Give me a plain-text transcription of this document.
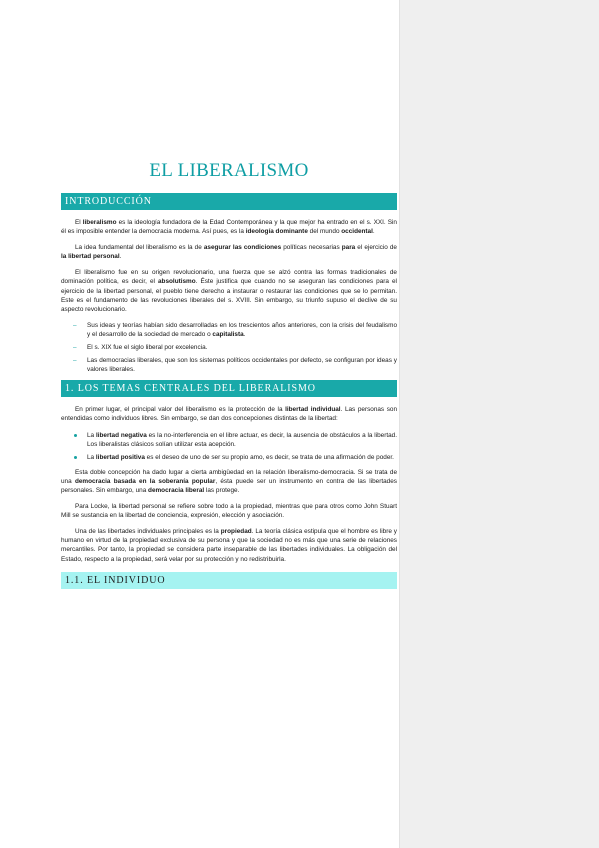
EL LIBERALISMO
INTRODUCCIÓN

El liberalismo es la ideología fundadora de la Edad Contemporánea y la que mejor ha entrado en el s. XXI. Sin él es imposible entender la democracia moderna. Así pues, es la ideología dominante del mundo occidental.

La idea fundamental del liberalismo es la de asegurar las condiciones políticas necesarias para el ejercicio de la libertad personal.

El liberalismo fue en su origen revolucionario, una fuerza que se alzó contra las formas tradicionales de dominación política, es decir, el absolutismo. Éste justifica que cuando no se aseguran las condiciones para el ejercicio de la libertad personal, el pueblo tiene derecho a instaurar o restaurar las condiciones que se lo permitan. Este es el fundamento de las revoluciones liberales del s. XVIII. Sin embargo, su triunfo supuso el declive de su aspecto revolucionario.

– Sus ideas y teorías habían sido desarrolladas en los trescientos años anteriores, con la crisis del feudalismo y el desarrollo de la sociedad de mercado o capitalista.
– El s. XIX fue el siglo liberal por excelencia.
– Las democracias liberales, que son los sistemas políticos occidentales por defecto, se configuran por ideas y valores liberales.
1. LOS TEMAS CENTRALES DEL LIBERALISMO

En primer lugar, el principal valor del liberalismo es la protección de la libertad individual. Las personas son entendidas como individuos libres. Sin embargo, se dan dos concepciones distintas de la libertad:

La libertad negativa es la no-interferencia en el libre actuar, es decir, la ausencia de obstáculos a la libertad. Los liberalistas clásicos solían utilizar esta acepción.
La libertad positiva es el deseo de uno de ser su propio amo, es decir, se trata de una afirmación de poder.

Esta doble concepción ha dado lugar a cierta ambigüedad en la relación liberalismo-democracia. Si se trata de una democracia basada en la soberanía popular, ésta puede ser un instrumento en contra de las libertades personales. Sin embargo, una democracia liberal las protege.

Para Locke, la libertad personal se refiere sobre todo a la propiedad, mientras que para otros como John Stuart Mill se sustancia en la libertad de conciencia, expresión, elección y asociación.

Una de las libertades individuales principales es la propiedad. La teoría clásica estipula que el hombre es libre y humano en virtud de la propiedad exclusiva de su persona y que la sociedad no es más que una serie de relaciones mercantiles. Por tanto, la propiedad se considera parte inseparable de las libertades individuales. La obligación del Estado, respecto a la propiedad, será velar por su protección y no redistribuirla.

1.1. EL INDIVIDUO
